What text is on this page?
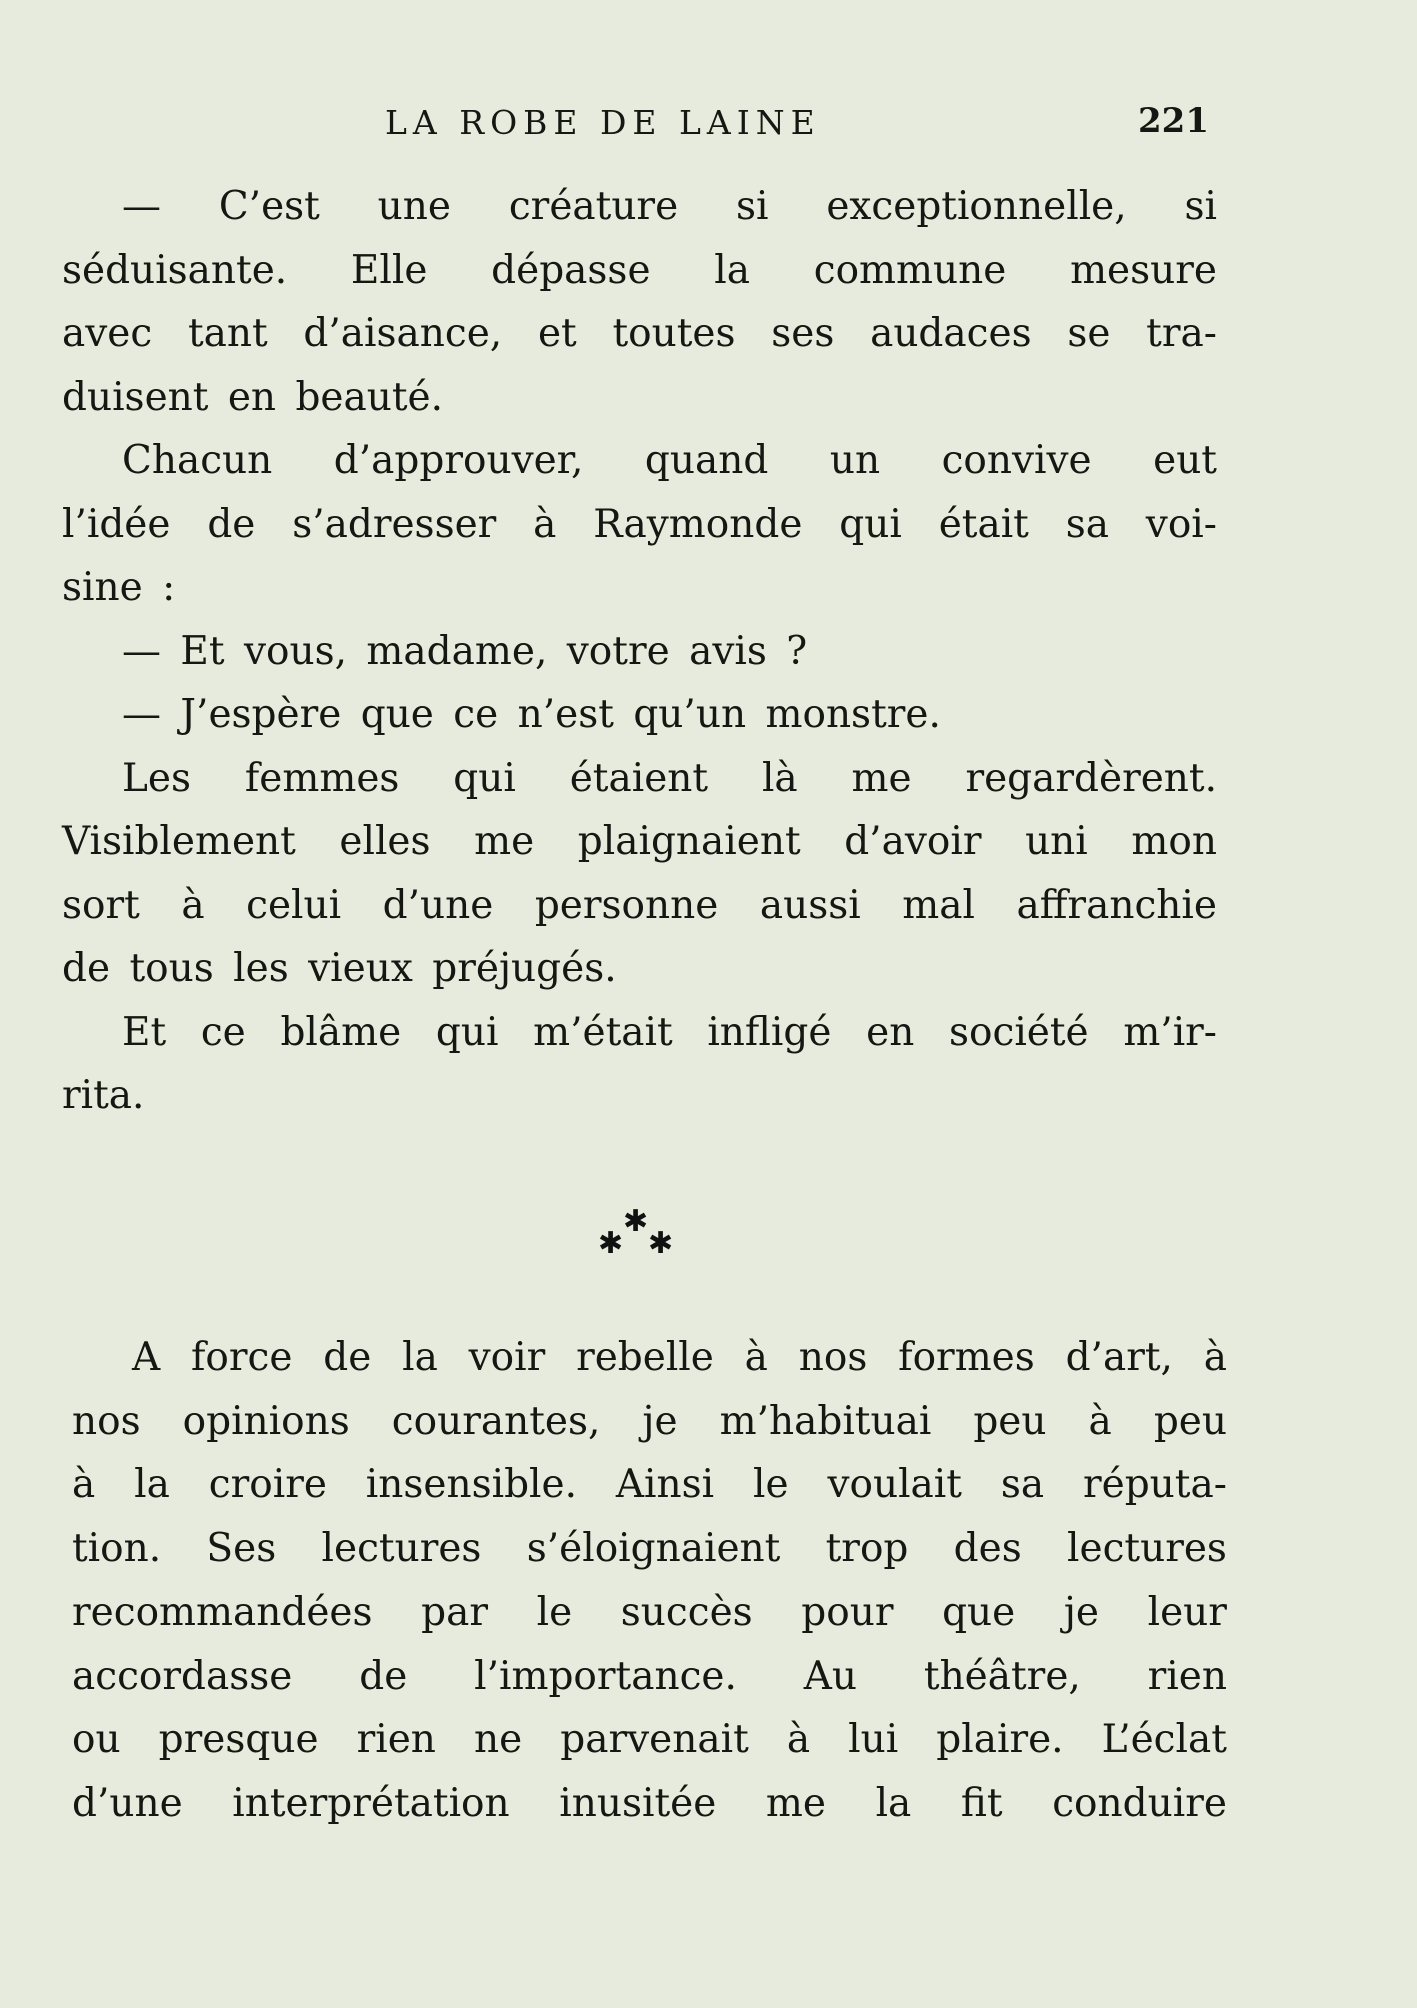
LA ROBE DE LAINE	221
— C’est une créature si exceptionnelle, si
séduisante. Elle dépasse la commune mesure
avec tant d’aisance, et toutes ses audaces se tra-
duisent en beauté.
Chacun d’approuver, quand un convive eut
l’idée de s’adresser à Raymonde qui était sa voi-
sine :
— Et vous, madame, votre avis ?
— J’espère que ce n’est qu’un monstre.
Les femmes qui étaient là me regardèrent.
Visiblement elles me plaignaient d’avoir uni mon
sort à celui d’une personne aussi mal affranchie
de tous les vieux préjugés.
Et ce blâme qui m’était infligé en société m’ir-
rita.
✱
✱ ✱
A force de la voir rebelle à nos formes d’art, à
nos opinions courantes, je m’habituai peu à peu
à la croire insensible. Ainsi le voulait sa réputa-
tion. Ses lectures s’éloignaient trop des lectures
recommandées par le succès pour que je leur
accordasse de l’importance. Au théâtre, rien
ou presque rien ne parvenait à lui plaire. L’éclat
d’une interprétation inusitée me la fit conduire
